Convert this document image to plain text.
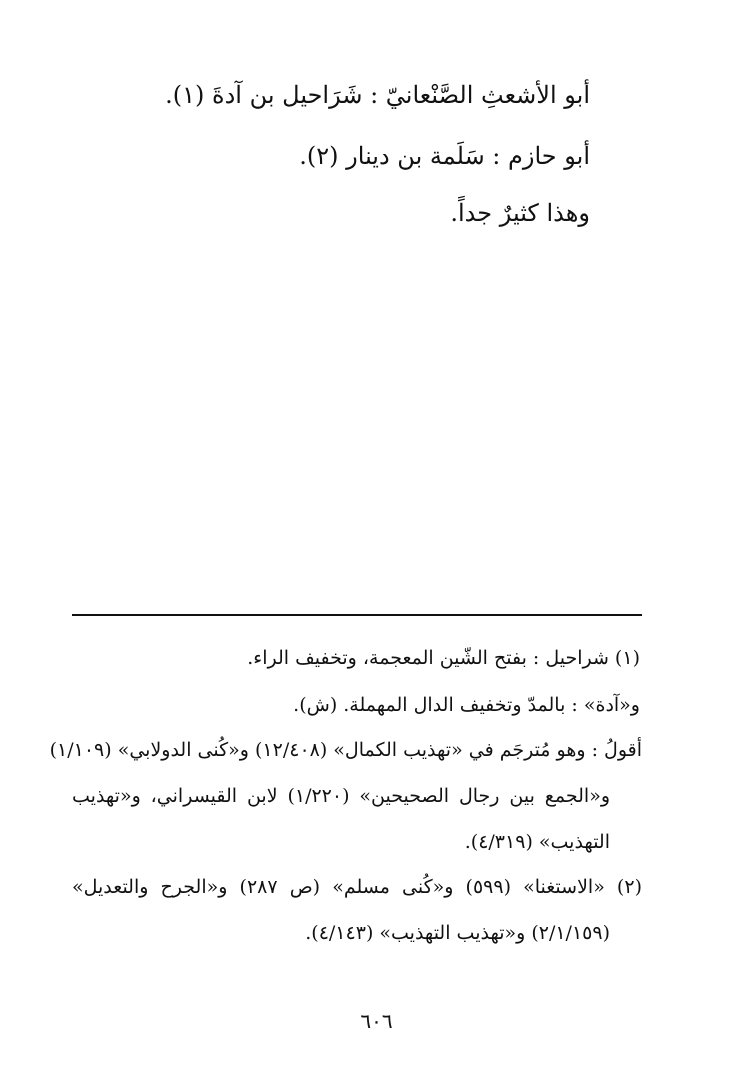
أبو الأشعثِ الصَّنْعانيّ : شَرَاحيل بن آدةَ (١).
أبو حازم : سَلَمة بن دينار (٢).
وهذا كثيرٌ جداً.
(١) شراحيل : بفتح الشّين المعجمة، وتخفيف الراء.
و«آدة» : بالمدّ وتخفيف الدال المهملة. (ش).
أقولُ : وهو مُترجَم في «تهذيب الكمال» (١٢/٤٠٨) و«كُنى الدولابي» (١/١٠٩)
و«الجمع بين رجال الصحيحين» (١/٢٢٠) لابن القيسراني، و«تهذيب
التهذيب» (٤/٣١٩).
(٢) «الاستغنا» (٥٩٩) و«كُنى مسلم» (ص ٢٨٧) و«الجرح والتعديل»
(٢/١/١٥٩) و«تهذيب التهذيب» (٤/١٤٣).
٦٠٦
